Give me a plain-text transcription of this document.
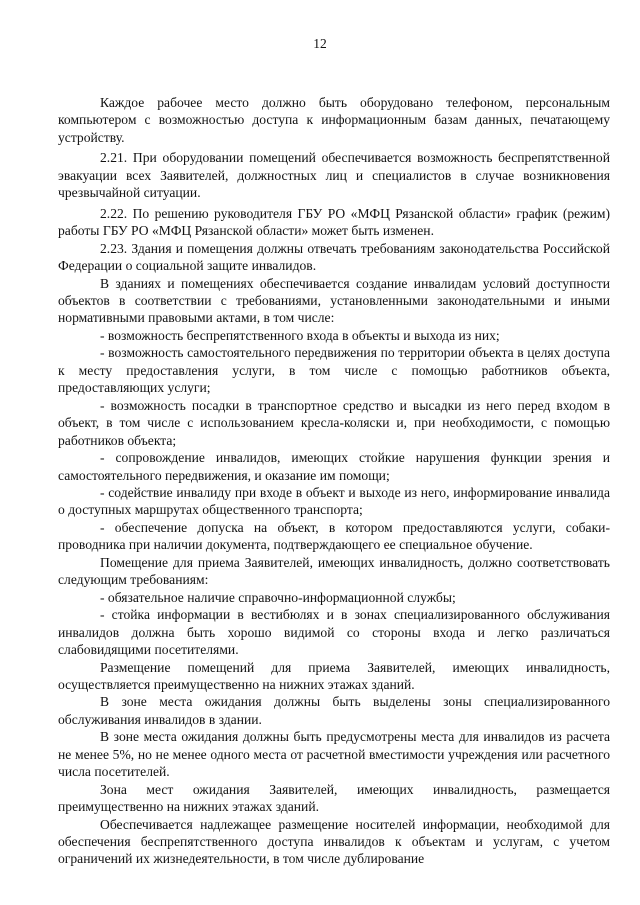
12

Каждое рабочее место должно быть оборудовано телефоном, персональным компьютером с возможностью доступа к информационным базам данных, печатающему устройству.

2.21. При оборудовании помещений обеспечивается возможность беспрепятственной эвакуации всех Заявителей, должностных лиц и специалистов в случае возникновения чрезвычайной ситуации.

2.22. По решению руководителя ГБУ РО «МФЦ Рязанской области» график (режим) работы ГБУ РО «МФЦ Рязанской области» может быть изменен.

2.23. Здания и помещения должны отвечать требованиям законодательства Российской Федерации о социальной защите инвалидов.

В зданиях и помещениях обеспечивается создание инвалидам условий доступности объектов в соответствии с требованиями, установленными законодательными и иными нормативными правовыми актами, в том числе:

- возможность беспрепятственного входа в объекты и выхода из них;

- возможность самостоятельного передвижения по территории объекта в целях доступа к месту предоставления услуги, в том числе с помощью работников объекта, предоставляющих услуги;

- возможность посадки в транспортное средство и высадки из него перед входом в объект, в том числе с использованием кресла-коляски и, при необходимости, с помощью работников объекта;

- сопровождение инвалидов, имеющих стойкие нарушения функции зрения и самостоятельного передвижения, и оказание им помощи;

- содействие инвалиду при входе в объект и выходе из него, информирование инвалида о доступных маршрутах общественного транспорта;

- обеспечение допуска на объект, в котором предоставляются услуги, собаки-проводника при наличии документа, подтверждающего ее специальное обучение.

Помещение для приема Заявителей, имеющих инвалидность, должно соответствовать следующим требованиям:

- обязательное наличие справочно-информационной службы;

- стойка информации в вестибюлях и в зонах специализированного обслуживания инвалидов должна быть хорошо видимой со стороны входа и легко различаться слабовидящими посетителями.

Размещение помещений для приема Заявителей, имеющих инвалидность, осуществляется преимущественно на нижних этажах зданий.

В зоне места ожидания должны быть выделены зоны специализированного обслуживания инвалидов в здании.

В зоне места ожидания должны быть предусмотрены места для инвалидов из расчета не менее 5%, но не менее одного места от расчетной вместимости учреждения или расчетного числа посетителей.

Зона мест ожидания Заявителей, имеющих инвалидность, размещается преимущественно на нижних этажах зданий.

Обеспечивается надлежащее размещение носителей информации, необходимой для обеспечения беспрепятственного доступа инвалидов к объектам и услугам, с учетом ограничений их жизнедеятельности, в том числе дублирование
